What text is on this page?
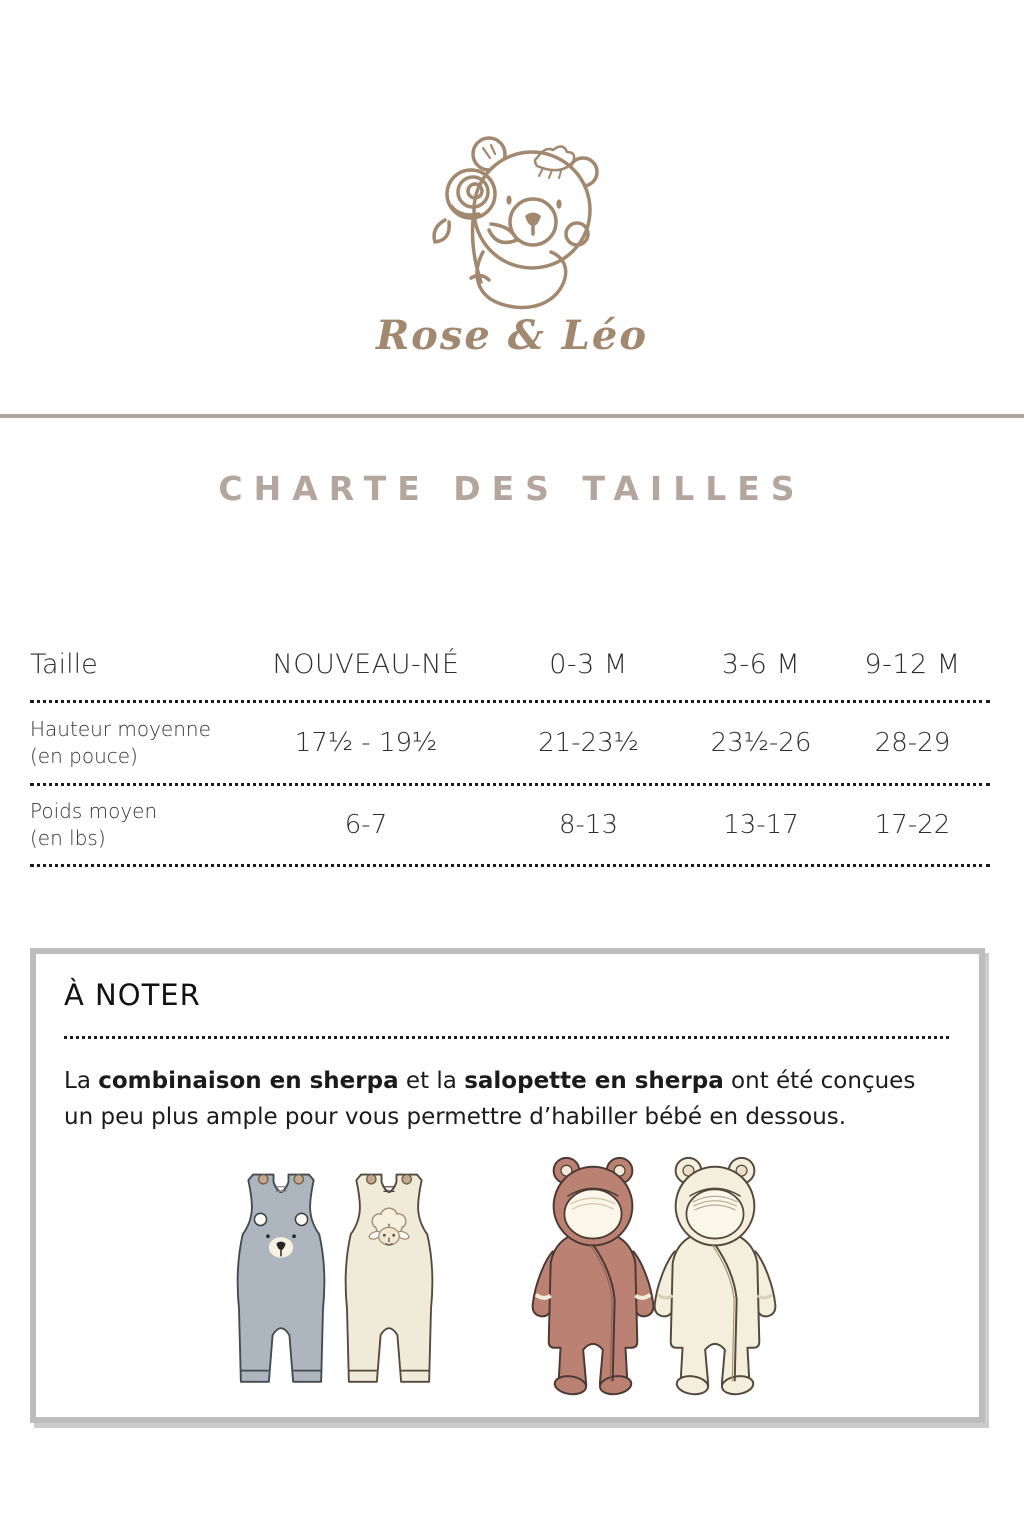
Rose & Léo
CHARTE DES TAILLES
Taille	NOUVEAU-NÉ	0-3 M	3-6 M	9-12 M
Hauteur moyenne
(en pouce)	17½ - 19½	21-23½	23½-26	28-29
Poids moyen
(en lbs)	6-7	8-13	13-17	17-22
À NOTER
La combinaison en sherpa et la salopette en sherpa ont été conçues un peu plus ample pour vous permettre d’habiller bébé en dessous.
